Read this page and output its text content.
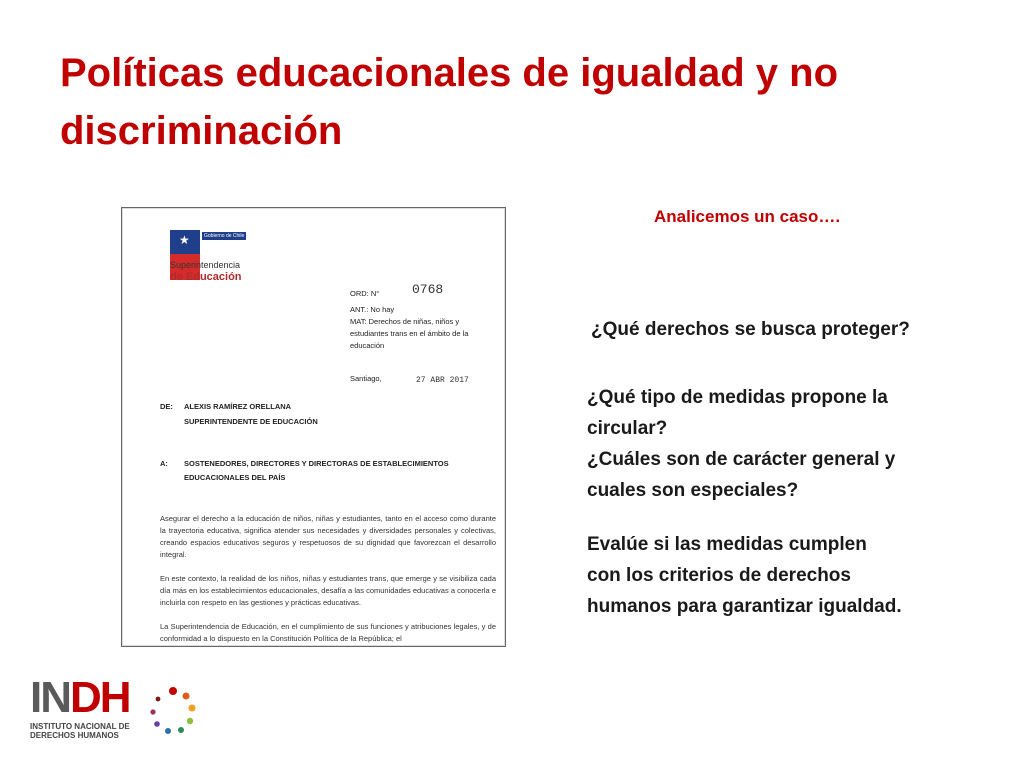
Políticas educacionales de igualdad y no discriminación
★	Gobierno de Chile
Superintendencia
de Educación
ORD: N°	0768
ANT.: No hay
MAT: Derechos de niñas, niños y
estudiantes trans en el ámbito de la
educación
Santiago,	27 ABR 2017
DE: ALEXIS RAMÍREZ ORELLANA
SUPERINTENDENTE DE EDUCACIÓN
A: SOSTENEDORES, DIRECTORES Y DIRECTORAS DE ESTABLECIMIENTOS
EDUCACIONALES DEL PAÍS
Asegurar el derecho a la educación de niños, niñas y estudiantes, tanto en el acceso como durante la trayectoria educativa, significa atender sus necesidades y diversidades personales y colectivas, creando espacios educativos seguros y respetuosos de su dignidad que favorezcan el desarrollo integral.
En este contexto, la realidad de los niños, niñas y estudiantes trans, que emerge y se visibiliza cada día más en los establecimientos educacionales, desafía a las comunidades educativas a conocerla e incluirla con respeto en las gestiones y prácticas educativas.
La Superintendencia de Educación, en el cumplimiento de sus funciones y atribuciones legales, y de conformidad a lo dispuesto en la Constitución Política de la República; el

Analicemos un caso….

¿Qué derechos se busca proteger?

¿Qué tipo de medidas propone la

circular?

¿Cuáles son de carácter general y

cuales son especiales?

Evalúe si las medidas cumplen

con los criterios de derechos

humanos para garantizar igualdad.

INDH
INSTITUTO NACIONAL DE
DERECHOS HUMANOS
